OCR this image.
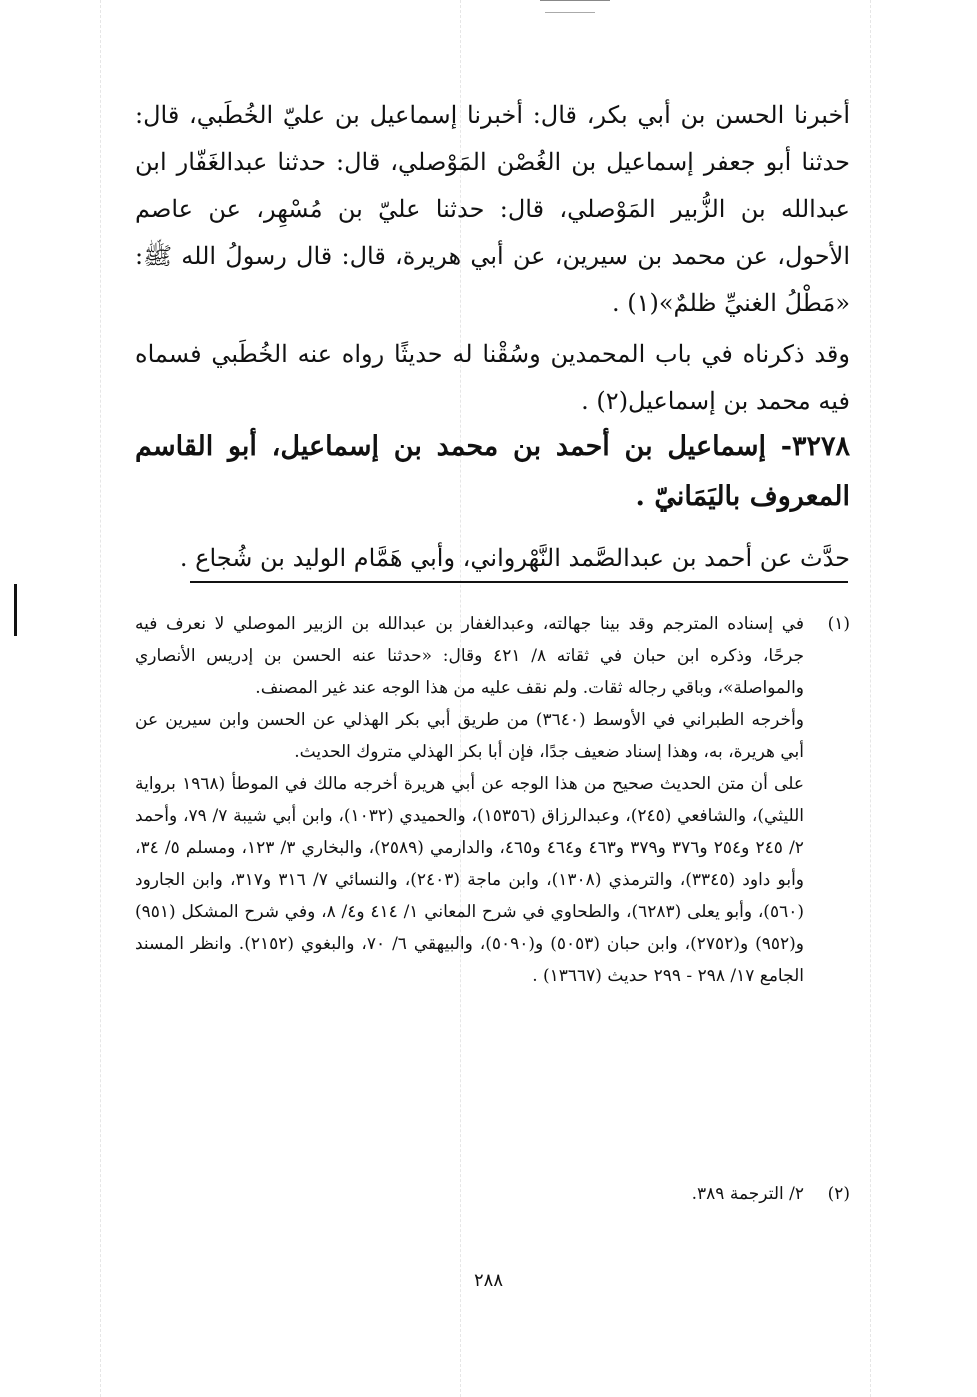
أخبرنا الحسن بن أبي بكر، قال: أخبرنا إسماعيل بن عليّ الخُطَبي، قال: حدثنا أبو جعفر إسماعيل بن الغُصْن المَوْصلي، قال: حدثنا عبدالغَفّار ابن عبدالله بن الزُّبير المَوْصلي، قال: حدثنا عليّ بن مُسْهِر، عن عاصم الأحول، عن محمد بن سيرين، عن أبي هريرة، قال: قال رسولُ الله ﷺ: «مَطْلُ الغنيِّ ظلمٌ»(١) .

وقد ذكرناه في باب المحمدين وسُقْنا له حديثًا رواه عنه الخُطَبي فسماه فيه محمد بن إسماعيل(٢) .

٣٢٧٨- إسماعيل بن أحمد بن محمد بن إسماعيل، أبو القاسم المعروف باليَمَانيّ .
حدَّث عن أحمد بن عبدالصَّمد النَّهْرواني، وأبي هَمَّام الوليد بن شُجاع .
(١)
في إسناده المترجم وقد بينا جهالته، وعبدالغفار بن عبدالله بن الزبير الموصلي لا نعرف فيه جرحًا، وذكره ابن حبان في ثقاته ٨/ ٤٢١ وقال: «حدثنا عنه الحسن بن إدريس الأنصاري والمواصلة»، وباقي رجاله ثقات. ولم نقف عليه من هذا الوجه عند غير المصنف.
وأخرجه الطبراني في الأوسط (٣٦٤٠) من طريق أبي بكر الهذلي عن الحسن وابن سيرين عن أبي هريرة، به، وهذا إسناد ضعيف جدًا، فإن أبا بكر الهذلي متروك الحديث.
على أن متن الحديث صحيح من هذا الوجه عن أبي هريرة أخرجه مالك في الموطأ (١٩٦٨ برواية الليثي)، والشافعي (٢٤٥)، وعبدالرزاق (١٥٣٥٦)، والحميدي (١٠٣٢)، وابن أبي شيبة ٧/ ٧٩، وأحمد ٢/ ٢٤٥ و٢٥٤ و٣٧٦ و٣٧٩ و٤٦٣ و٤٦٤ و٤٦٥، والدارمي (٢٥٨٩)، والبخاري ٣/ ١٢٣، ومسلم ٥/ ٣٤، وأبو داود (٣٣٤٥)، والترمذي (١٣٠٨)، وابن ماجة (٢٤٠٣)، والنسائي ٧/ ٣١٦ و٣١٧، وابن الجارود (٥٦٠)، وأبو يعلى (٦٢٨٣)، والطحاوي في شرح المعاني ١/ ٤١٤ و٤/ ٨، وفي شرح المشكل (٩٥١) و(٩٥٢) و(٢٧٥٢)، وابن حبان (٥٠٥٣) و(٥٠٩٠)، والبيهقي ٦/ ٧٠، والبغوي (٢١٥٢). وانظر المسند الجامع ١٧/ ٢٩٨ - ٢٩٩ حديث (١٣٦٦٧) .
(٢)
٢/ الترجمة ٣٨٩.
٢٨٨
